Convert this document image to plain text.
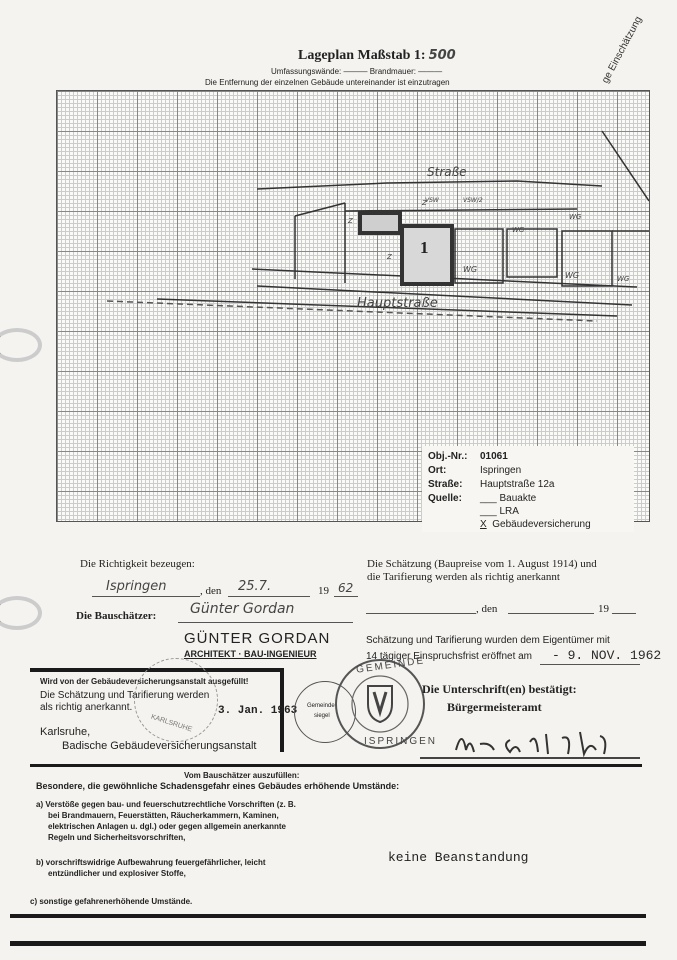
Lageplan Maßstab 1: 500
Umfassungswände: ——— Brandmauer: ———
Die Entfernung der einzelnen Gebäude untereinander ist einzutragen	ge Einschätzung
Straße
Hauptstraße
1
WG
WG
WG	WG
WG
VSW	VSW/2
Z
Z
Z
Obj.-Nr.: 01061
Ort:	Ispringen
Straße: Hauptstraße 12a
Quelle: ___ Bauakte
___ LRA
X Gebäudeversicherung
Die Richtigkeit bezeugen:
Ispringen	, den 25.7.	19 62
Die Bauschätzer: Günter Gordan
GÜNTER GORDAN
ARCHITEKT · BAU-INGENIEUR
Die Schätzung (Baupreise vom 1. August 1914) und
die Tarifierung werden als richtig anerkannt
, den	19
Schätzung und Tarifierung wurden dem Eigentümer mit
14 tägiger Einspruchsfrist eröffnet am - 9. NOV. 1962
Wird von der Gebäudeversicherungsanstalt ausgefüllt!
Die Schätzung und Tarifierung werden
als richtig anerkannt.	3. Jan. 1963
KARLSRUHE
Karlsruhe,
Badische Gebäudeversicherungsanstalt
Gemeinde-
siegel
GEMEINDE
ISPRINGEN
Die Unterschrift(en) bestätigt:
Bürgermeisteramt
Vom Bauschätzer auszufüllen:
Besondere, die gewöhnliche Schadensgefahr eines Gebäudes erhöhende Umstände:
a) Verstöße gegen bau- und feuerschutzrechtliche Vorschriften (z. B.
bei Brandmauern, Feuerstätten, Räucherkammern, Kaminen,
elektrischen Anlagen u. dgl.) oder gegen allgemein anerkannte
Regeln und Sicherheitsvorschriften,
b) vorschriftswidrige Aufbewahrung feuergefährlicher, leicht
entzündlicher und explosiver Stoffe,
keine Beanstandung
c) sonstige gefahrenerhöhende Umstände.
